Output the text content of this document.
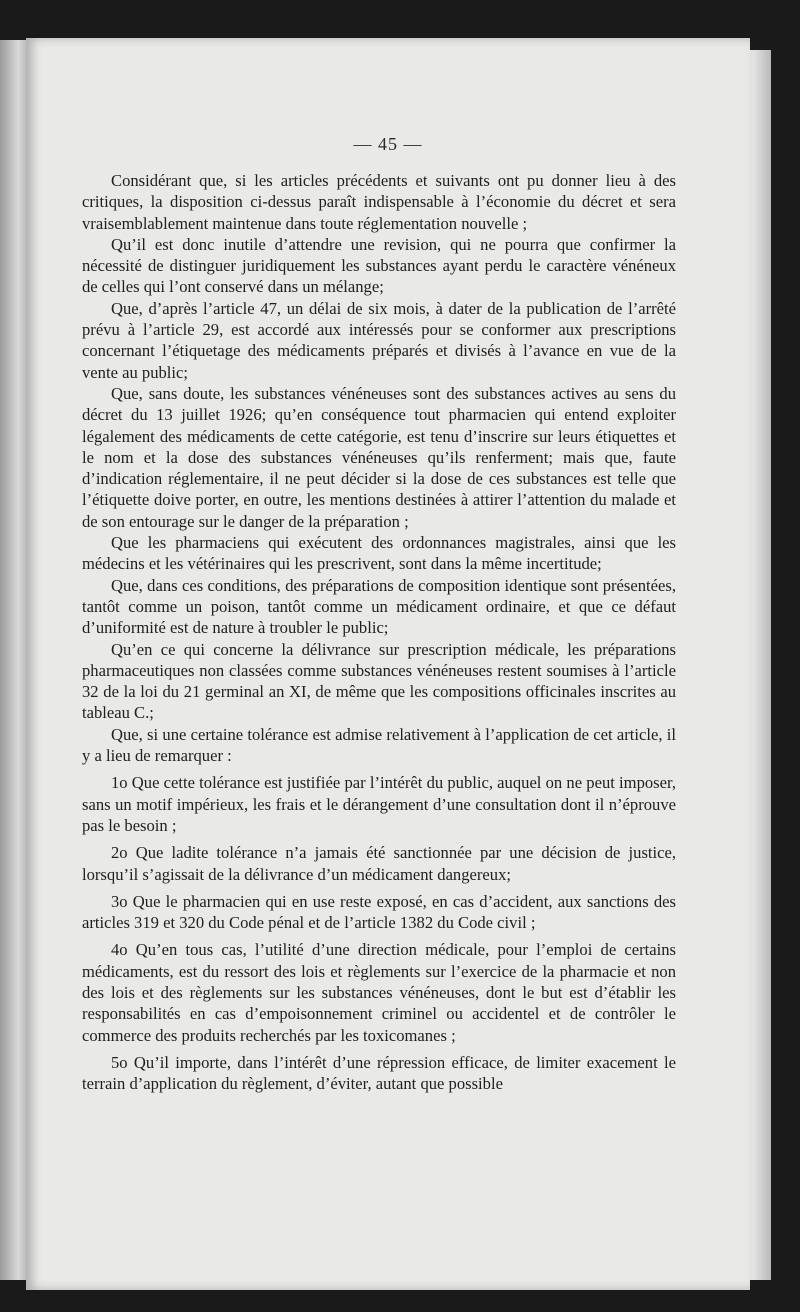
— 45 —

Considérant que, si les articles précédents et suivants ont pu donner lieu à des critiques, la disposition ci-dessus paraît indispensable à l’économie du décret et sera vraisemblablement maintenue dans toute réglementation nouvelle ;

Qu’il est donc inutile d’attendre une revision, qui ne pourra que confirmer la nécessité de distinguer juridiquement les substances ayant perdu le caractère vénéneux de celles qui l’ont conservé dans un mélange;

Que, d’après l’article 47, un délai de six mois, à dater de la publication de l’arrêté prévu à l’article 29, est accordé aux intéressés pour se conformer aux prescriptions concernant l’étiquetage des médicaments préparés et divisés à l’avance en vue de la vente au public;

Que, sans doute, les substances vénéneuses sont des substances actives au sens du décret du 13 juillet 1926; qu’en conséquence tout pharmacien qui entend exploiter légalement des médicaments de cette catégorie, est tenu d’inscrire sur leurs étiquettes et le nom et la dose des substances vénéneuses qu’ils renferment; mais que, faute d’indication réglementaire, il ne peut décider si la dose de ces substances est telle que l’étiquette doive porter, en outre, les mentions destinées à attirer l’attention du malade et de son entourage sur le danger de la préparation ;

Que les pharmaciens qui exécutent des ordonnances magistrales, ainsi que les médecins et les vétérinaires qui les prescrivent, sont dans la même incertitude;

Que, dans ces conditions, des préparations de composition identique sont présentées, tantôt comme un poison, tantôt comme un médicament ordinaire, et que ce défaut d’uniformité est de nature à troubler le public;

Qu’en ce qui concerne la délivrance sur prescription médicale, les préparations pharmaceutiques non classées comme substances vénéneuses restent soumises à l’article 32 de la loi du 21 germinal an XI, de même que les compositions officinales inscrites au tableau C.;

Que, si une certaine tolérance est admise relativement à l’application de cet article, il y a lieu de remarquer :

1o Que cette tolérance est justifiée par l’intérêt du public, auquel on ne peut imposer, sans un motif impérieux, les frais et le dérangement d’une consultation dont il n’éprouve pas le besoin ;

2o Que ladite tolérance n’a jamais été sanctionnée par une décision de justice, lorsqu’il s’agissait de la délivrance d’un médicament dangereux;

3o Que le pharmacien qui en use reste exposé, en cas d’accident, aux sanctions des articles 319 et 320 du Code pénal et de l’article 1382 du Code civil ;

4o Qu’en tous cas, l’utilité d’une direction médicale, pour l’emploi de certains médicaments, est du ressort des lois et règlements sur l’exercice de la pharmacie et non des lois et des règlements sur les substances vénéneuses, dont le but est d’établir les responsabilités en cas d’empoisonnement criminel ou accidentel et de contrôler le commerce des produits recherchés par les toxicomanes ;

5o Qu’il importe, dans l’intérêt d’une répression efficace, de limiter exacement le terrain d’application du règlement, d’éviter, autant que possible
